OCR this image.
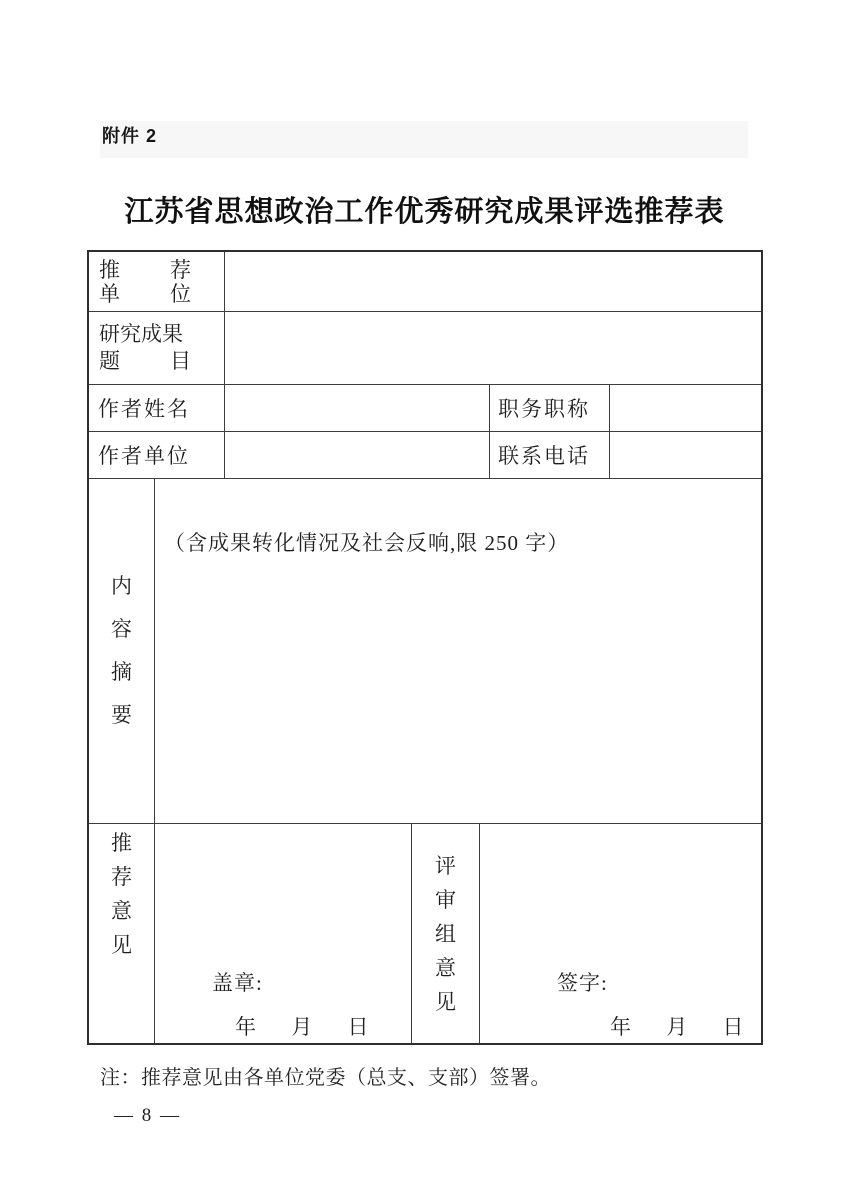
附件 2
江苏省思想政治工作优秀研究成果评选推荐表
推荐
单位
研究成果
题目
作者姓名	职务职称
作者单位	联系电话
内容摘要
（含成果转化情况及社会反响,限 250 字）
推荐意见
盖章:
年 月 日
评审组意见
签字:
年 月 日
注：推荐意见由各单位党委（总支、支部）签署。
— 8 —
